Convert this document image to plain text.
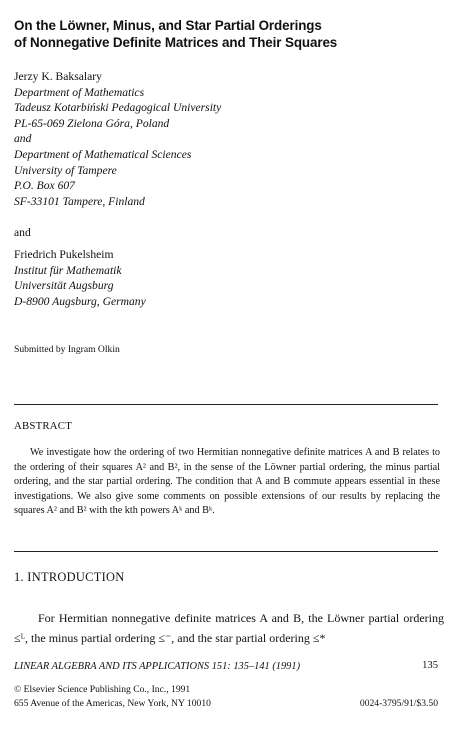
On the Löwner, Minus, and Star Partial Orderings
of Nonnegative Definite Matrices and Their Squares
Jerzy K. Baksalary
Department of Mathematics
Tadeusz Kotarbiński Pedagogical University
PL-65-069 Zielona Góra, Poland
and
Department of Mathematical Sciences
University of Tampere
P.O. Box 607
SF-33101 Tampere, Finland
and
Friedrich Pukelsheim
Institut für Mathematik
Universität Augsburg
D-8900 Augsburg, Germany
Submitted by Ingram Olkin
ABSTRACT
We investigate how the ordering of two Hermitian nonnegative definite matrices A and B relates to the ordering of their squares A² and B², in the sense of the Löwner partial ordering, the minus partial ordering, and the star partial ordering. The condition that A and B commute appears essential in these investigations. We also give some comments on possible extensions of our results by replacing the squares A² and B² with the kth powers Aᵏ and Bᵏ.
1. INTRODUCTION
For Hermitian nonnegative definite matrices A and B, the Löwner partial ordering ≤ᴸ, the minus partial ordering ≤⁻, and the star partial ordering ≤*
LINEAR ALGEBRA AND ITS APPLICATIONS 151: 135–141 (1991)	135
© Elsevier Science Publishing Co., Inc., 1991
655 Avenue of the Americas, New York, NY 10010	0024-3795/91/$3.50
